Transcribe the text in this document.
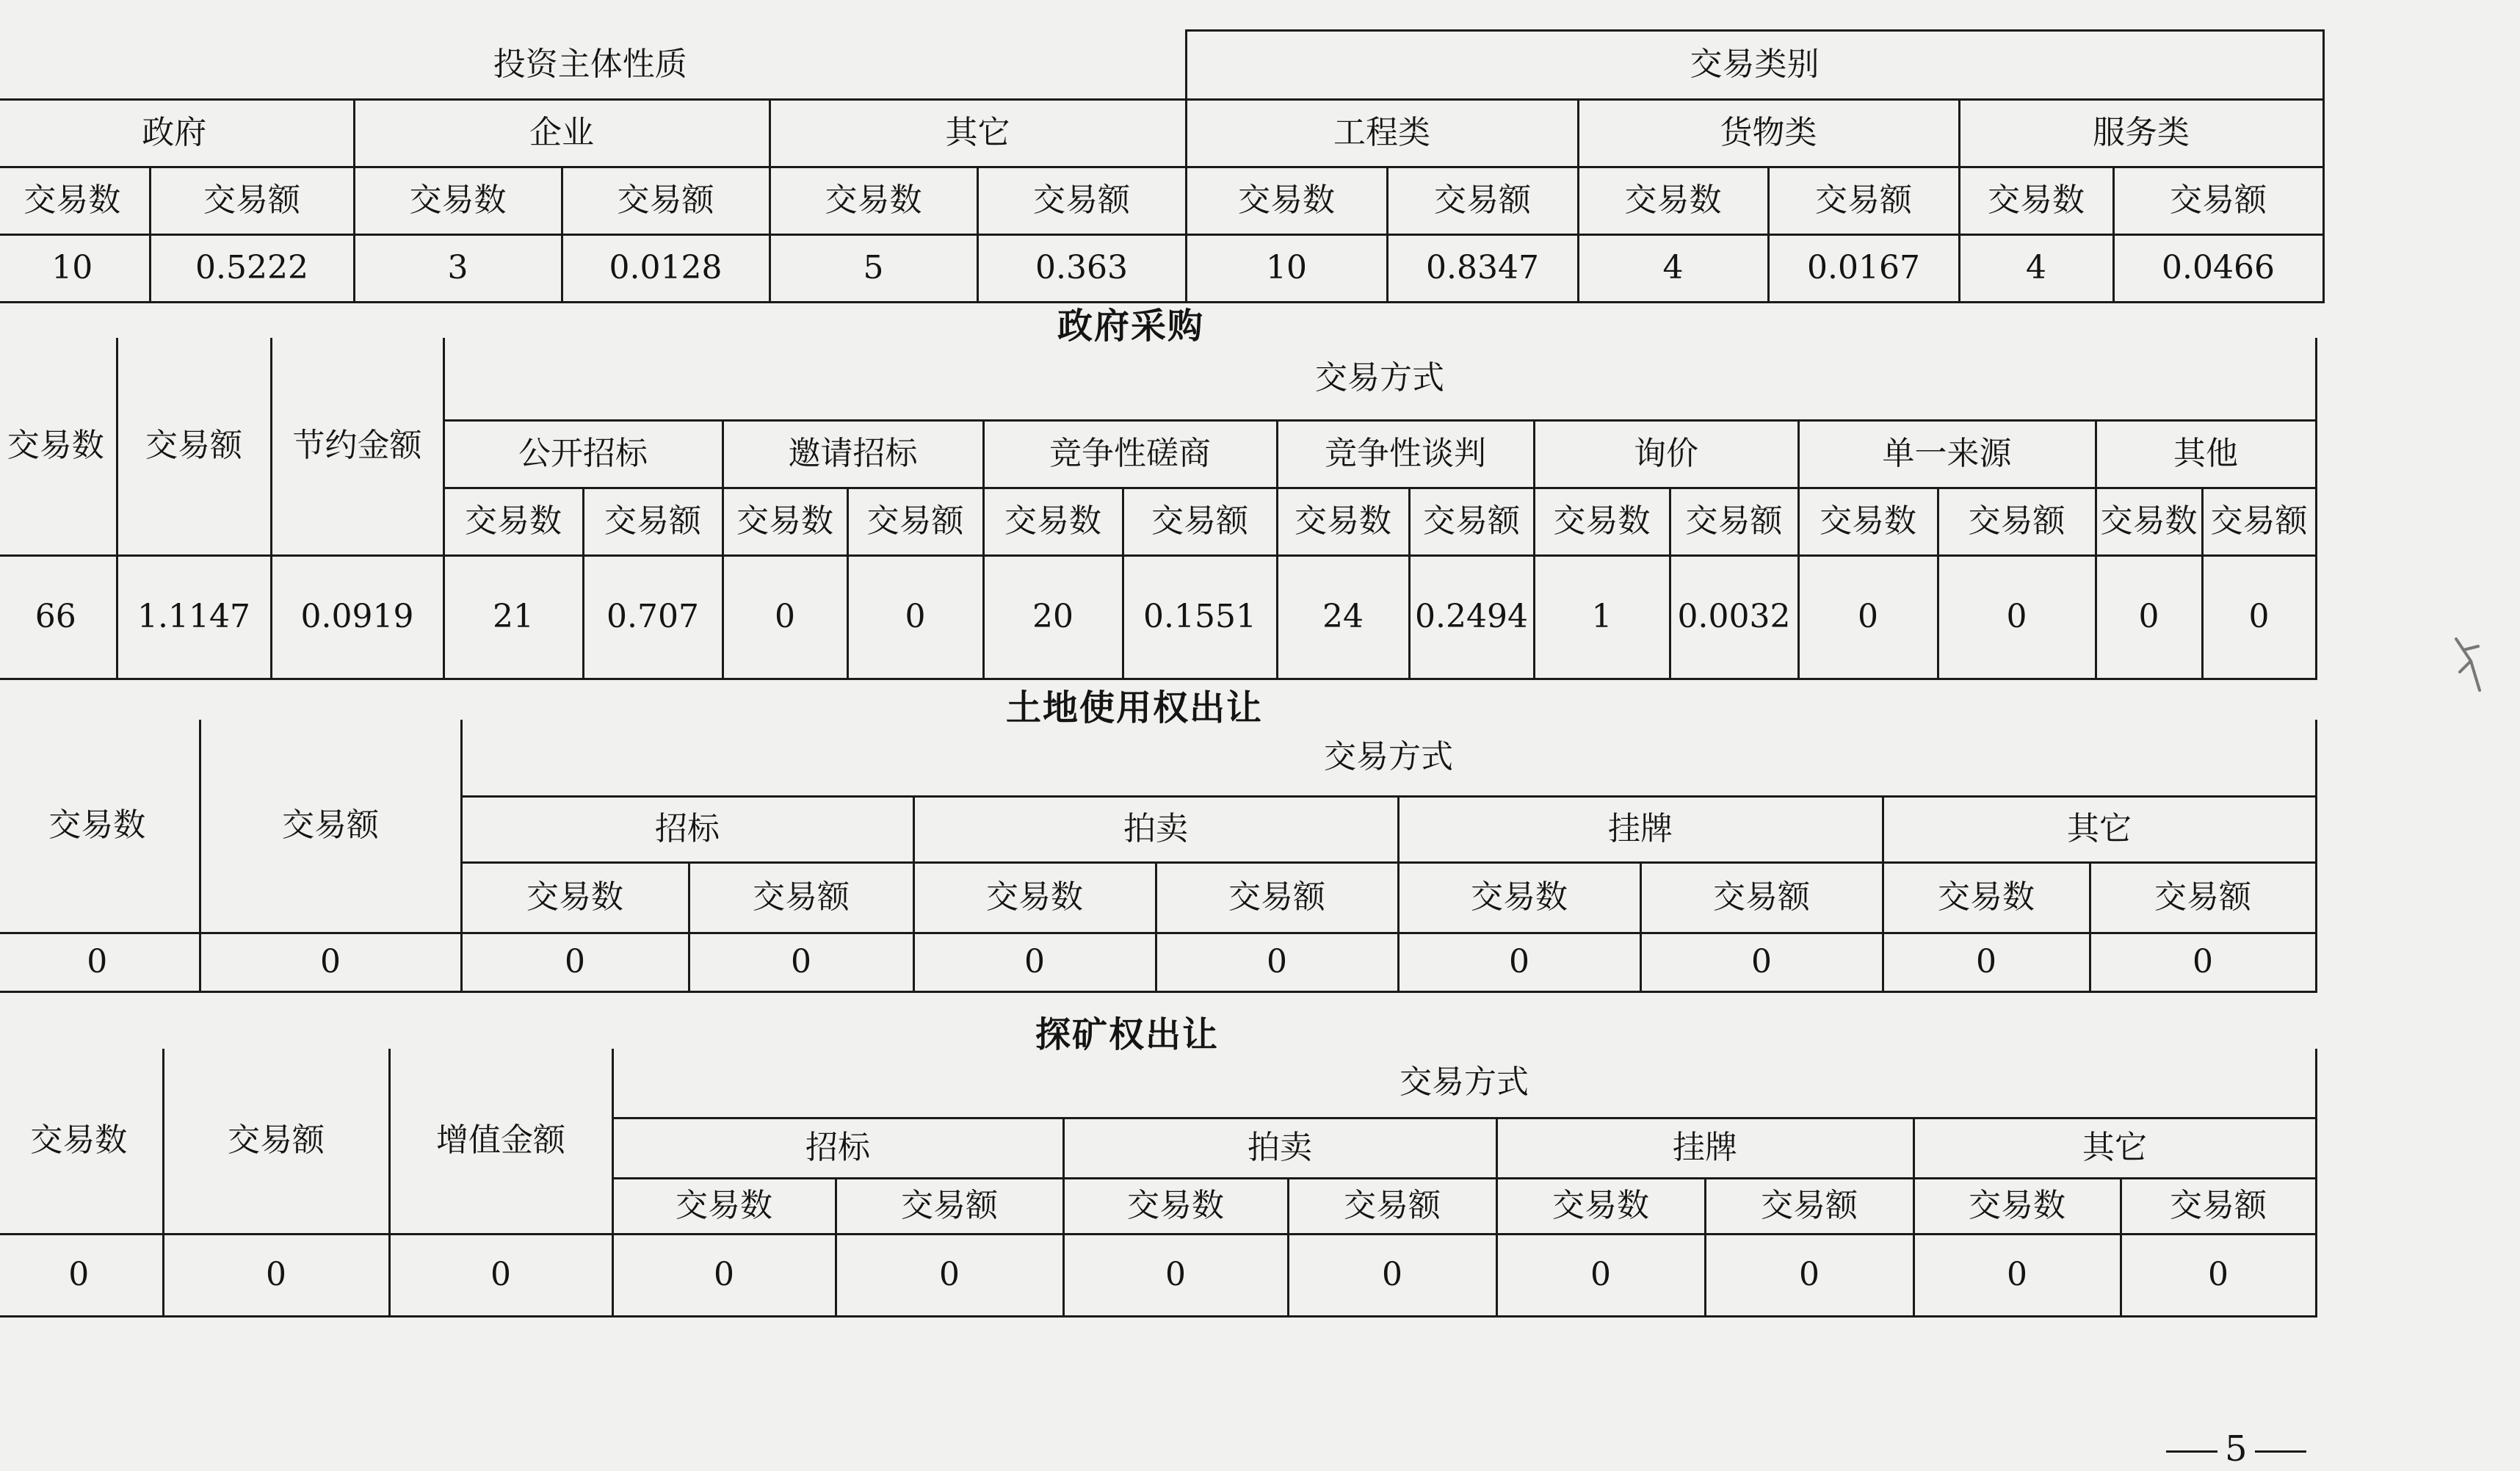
投资主体性质						交易类别					
政府		企业		其它		工程类		货物类		服务类	
交易数	交易额	交易数	交易额	交易数	交易额	交易数	交易额	交易数	交易额	交易数	交易额
10	0.5222	3	0.0128	5	0.363	10	0.8347	4	0.0167	4	0.0466
政府采购
交易数	交易额	节约金额	交易方式													
			公开招标		邀请招标		竞争性磋商		竞争性谈判		询价		单一来源		其他	
			交易数	交易额	交易数	交易额	交易数	交易额	交易数	交易额	交易数	交易额	交易数	交易额	交易数	交易额
66	1.1147	0.0919	21	0.707	0	0	20	0.1551	24	0.2494	1	0.0032	0	0	0	0
土地使用权出让
交易数	交易额	交易方式							
		招标		拍卖		挂牌		其它	
		交易数	交易额	交易数	交易额	交易数	交易额	交易数	交易额
0	0	0	0	0	0	0	0	0	0
探矿权出让
交易数	交易额	增值金额	交易方式							
			招标		拍卖		挂牌		其它	
			交易数	交易额	交易数	交易额	交易数	交易额	交易数	交易额
0	0	0	0	0	0	0	0	0	0	0
5
